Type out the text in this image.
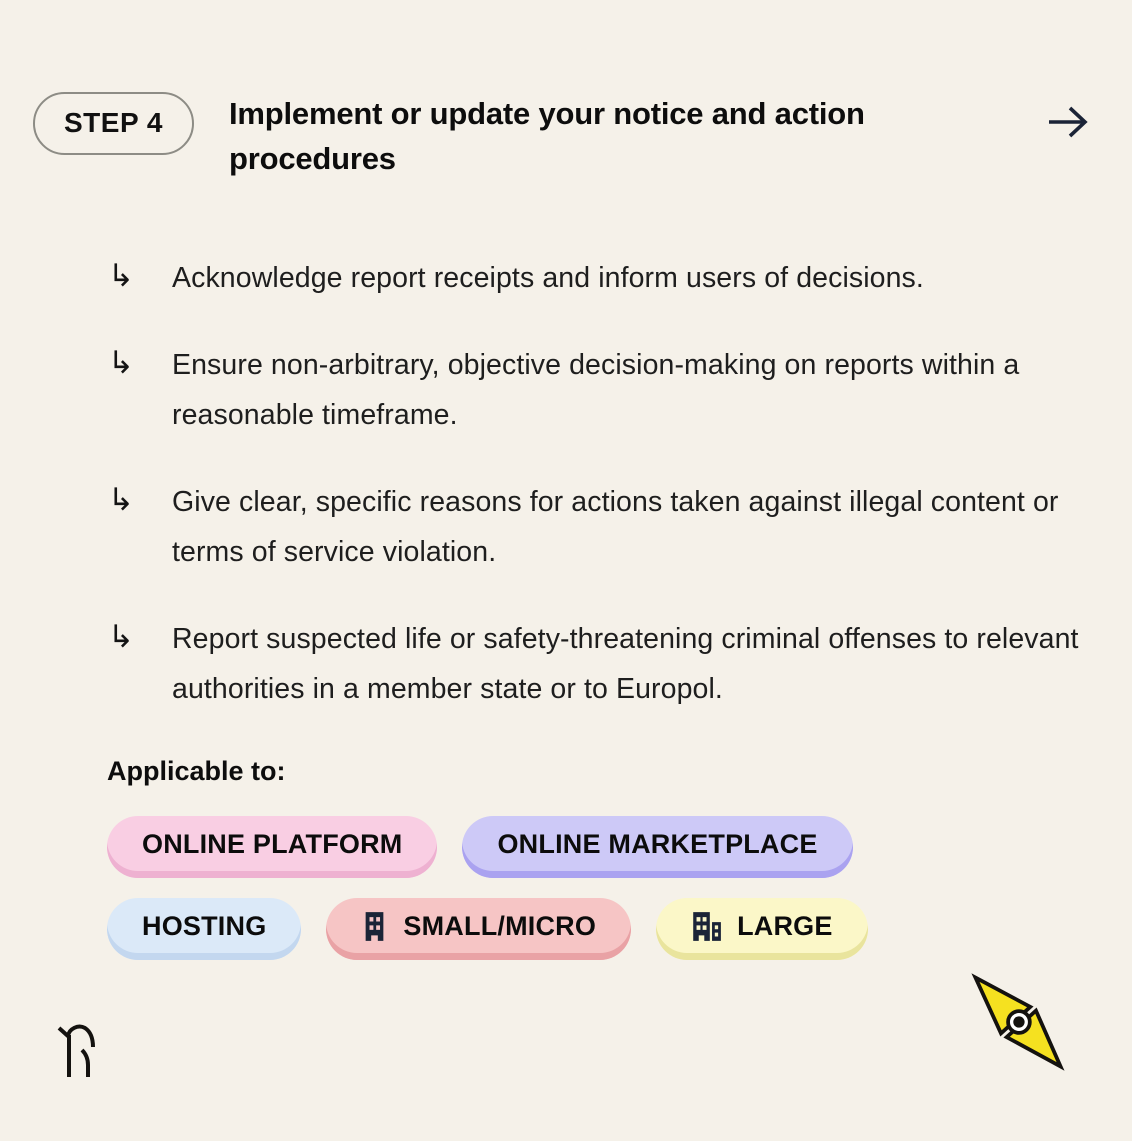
STEP 4	Implement or update your notice and action procedures
↳	Acknowledge report receipts and inform users of decisions.
↳	Ensure non-arbitrary, objective decision-making on reports within a reasonable timeframe.
↳	Give clear, specific reasons for actions taken against illegal content or terms of service violation.
↳	Report suspected life or safety-threatening criminal offenses to relevant authorities in a member state or to Europol.
Applicable to:
ONLINE PLATFORM	ONLINE MARKETPLACE
HOSTING	SMALL/MICRO	LARGE
